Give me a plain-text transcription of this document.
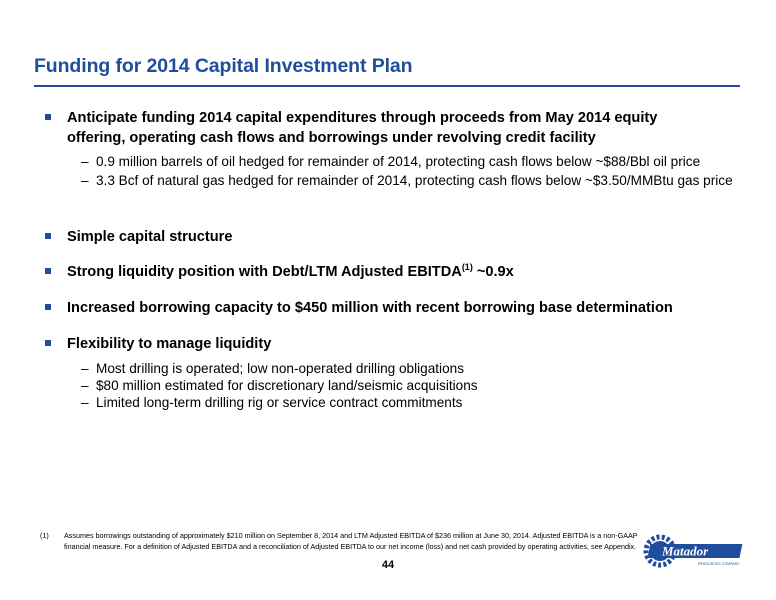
Funding for 2014 Capital Investment Plan
Anticipate funding 2014 capital expenditures through proceeds from May 2014 equity offering, operating cash flows and borrowings under revolving credit facility
– 0.9 million barrels of oil hedged for remainder of 2014, protecting cash flows below ~$88/Bbl oil price
– 3.3 Bcf of natural gas hedged for remainder of 2014, protecting cash flows below ~$3.50/MMBtu gas price
Simple capital structure
Strong liquidity position with Debt/LTM Adjusted EBITDA$^{(1)}$ ~0.9x
Increased borrowing capacity to $450 million with recent borrowing base determination
Flexibility to manage liquidity
– Most drilling is operated; low non-operated drilling obligations
– $80 million estimated for discretionary land/seismic acquisitions
– Limited long-term drilling rig or service contract commitments
(1) Assumes borrowings outstanding of approximately $210 million on September 8, 2014 and LTM Adjusted EBITDA of $236 million at June 30, 2014. Adjusted EBITDA is a non-GAAP financial measure. For a definition of Adjusted EBITDA and a reconciliation of Adjusted EBITDA to our net income (loss) and net cash provided by operating activities, see Appendix.
44
Matador
RESOURCES COMPANY
